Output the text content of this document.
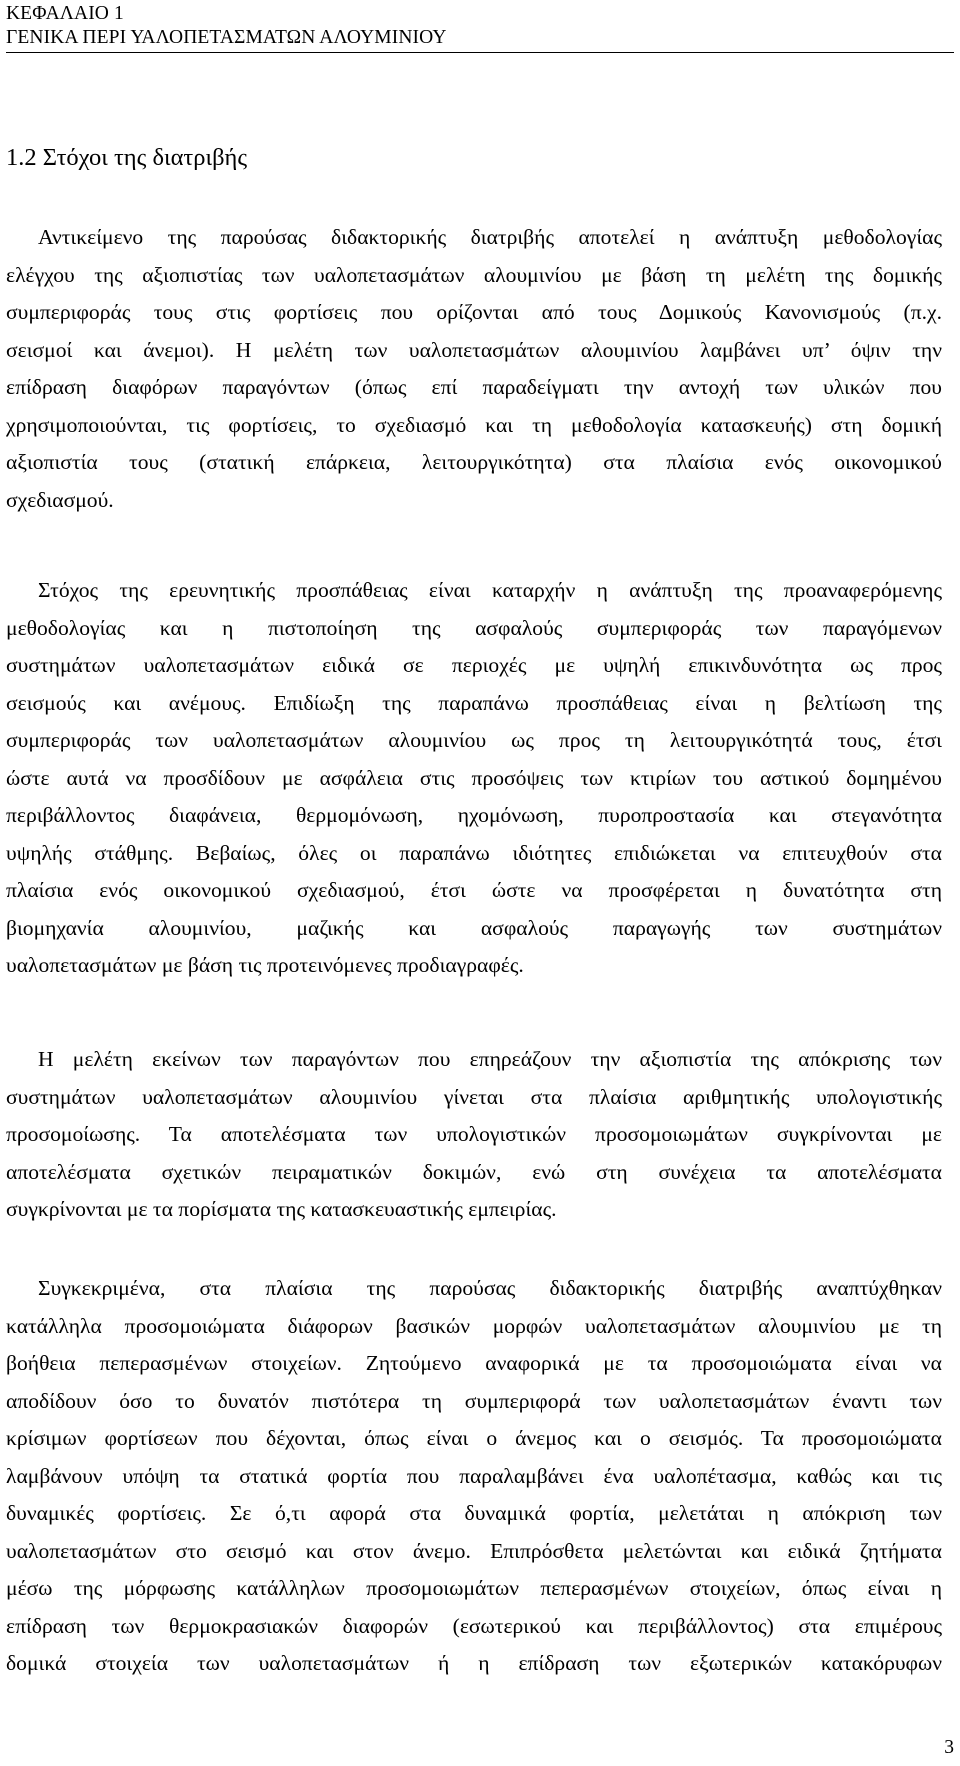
ΚΕΦΑΛΑΙΟ 1
ΓΕΝΙΚΑ ΠΕΡΙ ΥΑΛΟΠΕΤΑΣΜΑΤΩΝ ΑΛΟΥΜΙΝΙΟΥ
1.2 Στόχοι της διατριβής
Αντικείμενο της παρούσας διδακτορικής διατριβής αποτελεί η ανάπτυξη μεθοδολογίας
ελέγχου της αξιοπιστίας των υαλοπετασμάτων αλουμινίου με βάση τη μελέτη της δομικής
συμπεριφοράς τους στις φορτίσεις που ορίζονται από τους Δομικούς Κανονισμούς (π.χ.
σεισμοί και άνεμοι). Η μελέτη των υαλοπετασμάτων αλουμινίου λαμβάνει υπ’ όψιν την
επίδραση διαφόρων παραγόντων (όπως επί παραδείγματι την αντοχή των υλικών που
χρησιμοποιούνται, τις φορτίσεις, το σχεδιασμό και τη μεθοδολογία κατασκευής) στη δομική
αξιοπιστία τους (στατική επάρκεια, λειτουργικότητα) στα πλαίσια ενός οικονομικού
σχεδιασμού.
Στόχος της ερευνητικής προσπάθειας είναι καταρχήν η ανάπτυξη της προαναφερόμενης
μεθοδολογίας και η πιστοποίηση της ασφαλούς συμπεριφοράς των παραγόμενων
συστημάτων υαλοπετασμάτων ειδικά σε περιοχές με υψηλή επικινδυνότητα ως προς
σεισμούς και ανέμους. Επιδίωξη της παραπάνω προσπάθειας είναι η βελτίωση της
συμπεριφοράς των υαλοπετασμάτων αλουμινίου ως προς τη λειτουργικότητά τους, έτσι
ώστε αυτά να προσδίδουν με ασφάλεια στις προσόψεις των κτιρίων του αστικού δομημένου
περιβάλλοντος διαφάνεια, θερμομόνωση, ηχομόνωση, πυροπροστασία και στεγανότητα
υψηλής στάθμης. Βεβαίως, όλες οι παραπάνω ιδιότητες επιδιώκεται να επιτευχθούν στα
πλαίσια ενός οικονομικού σχεδιασμού, έτσι ώστε να προσφέρεται η δυνατότητα στη
βιομηχανία αλουμινίου, μαζικής και ασφαλούς παραγωγής των συστημάτων
υαλοπετασμάτων με βάση τις προτεινόμενες προδιαγραφές.
Η μελέτη εκείνων των παραγόντων που επηρεάζουν την αξιοπιστία της απόκρισης των
συστημάτων υαλοπετασμάτων αλουμινίου γίνεται στα πλαίσια αριθμητικής υπολογιστικής
προσομοίωσης. Τα αποτελέσματα των υπολογιστικών προσομοιωμάτων συγκρίνονται με
αποτελέσματα σχετικών πειραματικών δοκιμών, ενώ στη συνέχεια τα αποτελέσματα
συγκρίνονται με τα πορίσματα της κατασκευαστικής εμπειρίας.
Συγκεκριμένα, στα πλαίσια της παρούσας διδακτορικής διατριβής αναπτύχθηκαν
κατάλληλα προσομοιώματα διάφορων βασικών μορφών υαλοπετασμάτων αλουμινίου με τη
βοήθεια πεπερασμένων στοιχείων. Ζητούμενο αναφορικά με τα προσομοιώματα είναι να
αποδίδουν όσο το δυνατόν πιστότερα τη συμπεριφορά των υαλοπετασμάτων έναντι των
κρίσιμων φορτίσεων που δέχονται, όπως είναι ο άνεμος και ο σεισμός. Τα προσομοιώματα
λαμβάνουν υπόψη τα στατικά φορτία που παραλαμβάνει ένα υαλοπέτασμα, καθώς και τις
δυναμικές φορτίσεις. Σε ό,τι αφορά στα δυναμικά φορτία, μελετάται η απόκριση των
υαλοπετασμάτων στο σεισμό και στον άνεμο. Επιπρόσθετα μελετώνται και ειδικά ζητήματα
μέσω της μόρφωσης κατάλληλων προσομοιωμάτων πεπερασμένων στοιχείων, όπως είναι η
επίδραση των θερμοκρασιακών διαφορών (εσωτερικού και περιβάλλοντος) στα επιμέρους
δομικά στοιχεία των υαλοπετασμάτων ή η επίδραση των εξωτερικών κατακόρυφων
3
